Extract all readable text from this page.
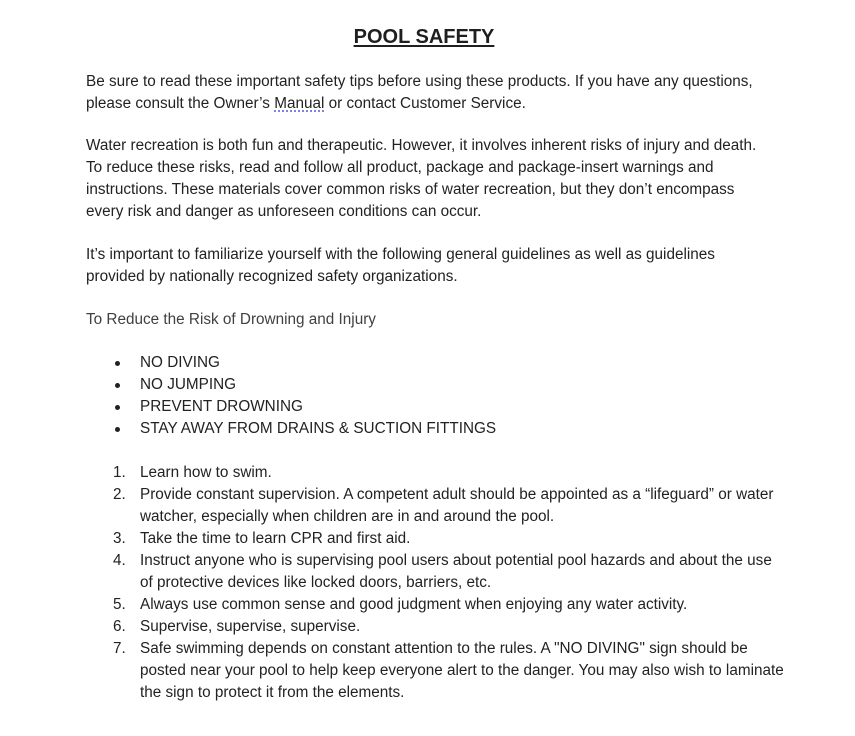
POOL SAFETY

Be sure to read these important safety tips before using these products. If you have any questions, please consult the Owner’s Manual or contact Customer Service.

Water recreation is both fun and therapeutic. However, it involves inherent risks of injury and death. To reduce these risks, read and follow all product, package and package-insert warnings and instructions. These materials cover common risks of water recreation, but they don’t encompass every risk and danger as unforeseen conditions can occur.

It’s important to familiarize yourself with the following general guidelines as well as guidelines provided by nationally recognized safety organizations.

To Reduce the Risk of Drowning and Injury
NO DIVING
NO JUMPING
PREVENT DROWNING
STAY AWAY FROM DRAINS & SUCTION FITTINGS
1. Learn how to swim.
2. Provide constant supervision. A competent adult should be appointed as a “lifeguard” or water watcher, especially when children are in and around the pool.
3. Take the time to learn CPR and first aid.
4. Instruct anyone who is supervising pool users about potential pool hazards and about the use of protective devices like locked doors, barriers, etc.
5. Always use common sense and good judgment when enjoying any water activity.
6. Supervise, supervise, supervise.
7. Safe swimming depends on constant attention to the rules. A "NO DIVING" sign should be posted near your pool to help keep everyone alert to the danger. You may also wish to laminate the sign to protect it from the elements.
